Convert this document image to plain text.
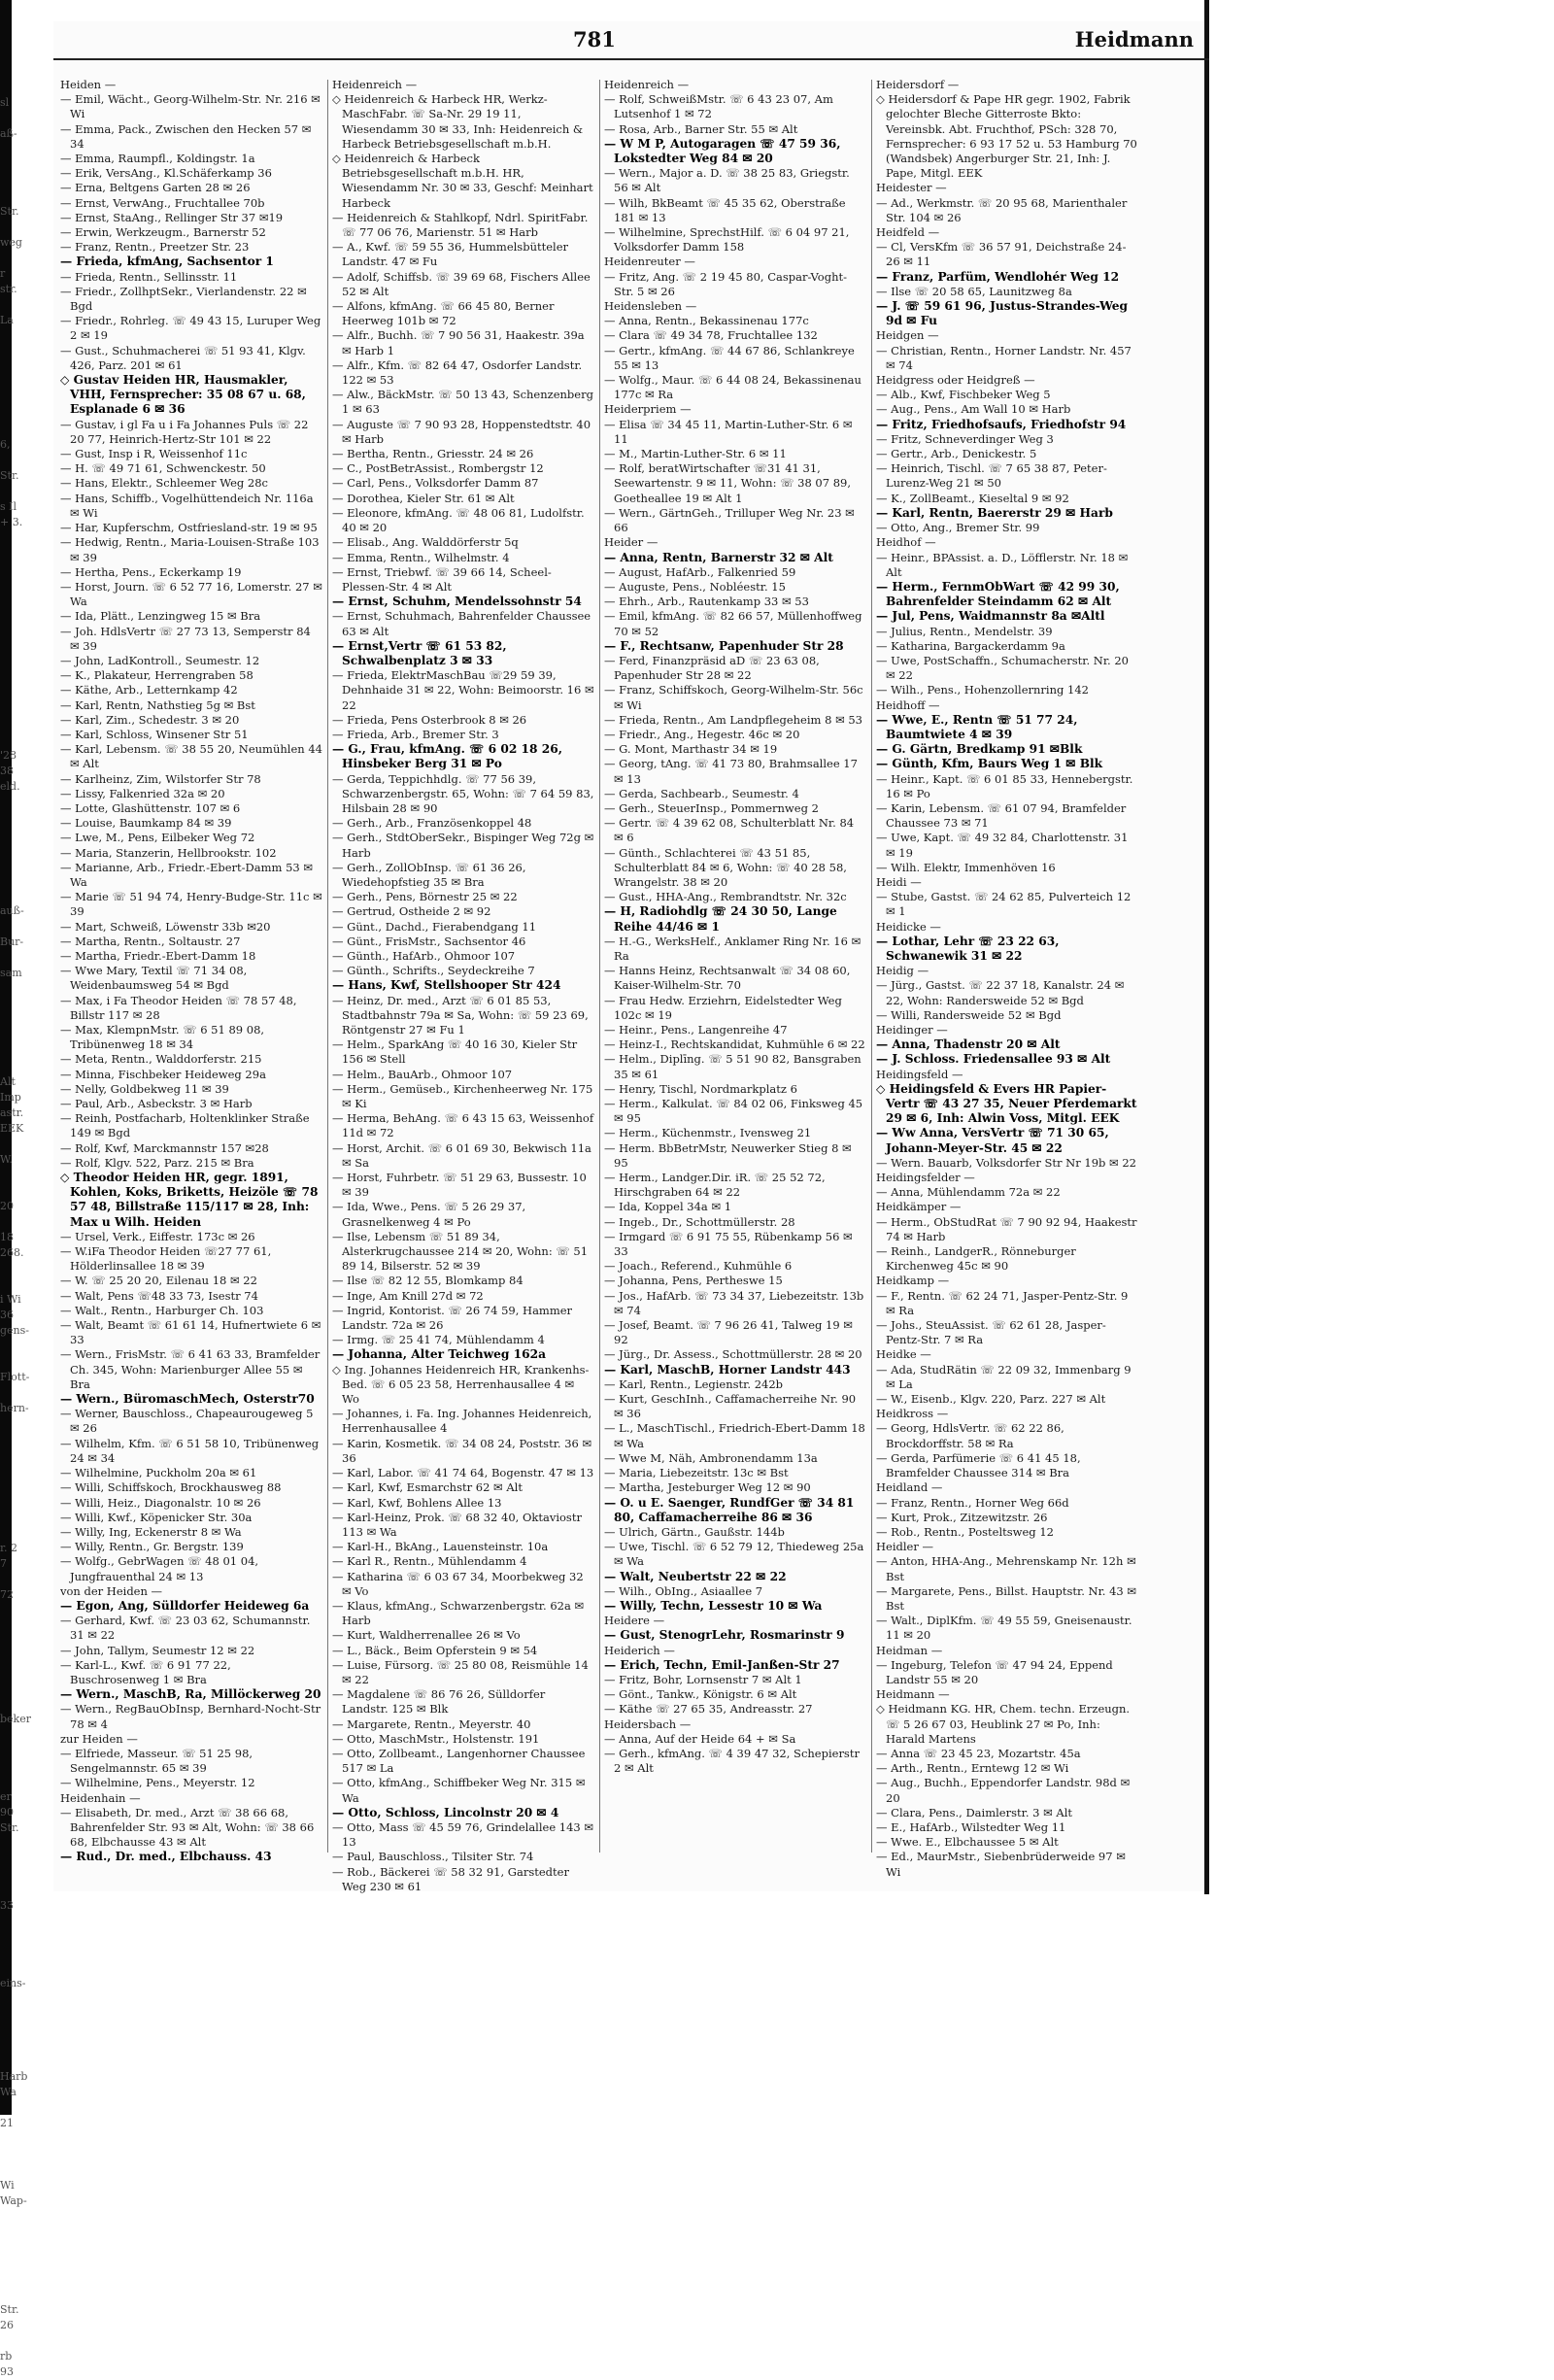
781	Heidmann
sl
aß-
Str.
weg
r
str.
La
6,
Str.
s Il
+ 3.
'28
38
eld.
auß-
Bur-
sam
Alt
Imp
astr.
EEK
W.
20
18
268.
i Wi
36
gens-
Flott-
hern-
r. 2
7
72
beker
er
90
Str.
33
eins-
Harb
Wa
21
Wi
Wap-
Str.
26
rb
93
Heiden —
— Emil, Wächt., Georg-Wilhelm-Str. Nr. 216 ✉ Wi
— Emma, Pack., Zwischen den Hecken 57 ✉ 34
— Emma, Raumpfl., Koldingstr. 1a
— Erik, VersAng., Kl.Schäferkamp 36
— Erna, Beltgens Garten 28 ✉ 26
— Ernst, VerwAng., Fruchtallee 70b
— Ernst, StaAng., Rellinger Str 37 ✉19
— Erwin, Werkzeugm., Barnerstr 52
— Franz, Rentn., Preetzer Str. 23
— Frieda, kfmAng, Sachsentor 1
— Frieda, Rentn., Sellinsstr. 11
— Friedr., ZollhptSekr., Vierlandenstr. 22 ✉ Bgd
— Friedr., Rohrleg. ☏ 49 43 15, Luruper Weg 2 ✉ 19
— Gust., Schuhmacherei ☏ 51 93 41, Klgv. 426, Parz. 201 ✉ 61
◇ Gustav Heiden HR, Hausmakler, VHH, Fernsprecher: 35 08 67 u. 68, Esplanade 6 ✉ 36
— Gustav, i gl Fa u i Fa Johannes Puls ☏ 22 20 77, Heinrich-Hertz-Str 101 ✉ 22
— Gust, Insp i R, Weissenhof 11c
— H. ☏ 49 71 61, Schwenckestr. 50
— Hans, Elektr., Schleemer Weg 28c
— Hans, Schiffb., Vogelhüttendeich Nr. 116a ✉ Wi
— Har, Kupferschm, Ostfriesland-str. 19 ✉ 95
— Hedwig, Rentn., Maria-Louisen-Straße 103 ✉ 39
— Hertha, Pens., Eckerkamp 19
— Horst, Journ. ☏ 6 52 77 16, Lomerstr. 27 ✉ Wa
— Ida, Plätt., Lenzingweg 15 ✉ Bra
— Joh. HdlsVertr ☏ 27 73 13, Semperstr 84 ✉ 39
— John, LadKontroll., Seumestr. 12
— K., Plakateur, Herrengraben 58
— Käthe, Arb., Letternkamp 42
— Karl, Rentn, Nathstieg 5g ✉ Bst
— Karl, Zim., Schedestr. 3 ✉ 20
— Karl, Schloss, Winsener Str 51
— Karl, Lebensm. ☏ 38 55 20, Neumühlen 44 ✉ Alt
— Karlheinz, Zim, Wilstorfer Str 78
— Lissy, Falkenried 32a ✉ 20
— Lotte, Glashüttenstr. 107 ✉ 6
— Louise, Baumkamp 84 ✉ 39
— Lwe, M., Pens, Eilbeker Weg 72
— Maria, Stanzerin, Hellbrookstr. 102
— Marianne, Arb., Friedr.-Ebert-Damm 53 ✉ Wa
— Marie ☏ 51 94 74, Henry-Budge-Str. 11c ✉ 39
— Mart, Schweiß, Löwenstr 33b ✉20
— Martha, Rentn., Soltaustr. 27
— Martha, Friedr.-Ebert-Damm 18
— Wwe Mary, Textil ☏ 71 34 08, Weidenbaumsweg 54 ✉ Bgd
— Max, i Fa Theodor Heiden ☏ 78 57 48, Billstr 117 ✉ 28
— Max, KlempnMstr. ☏ 6 51 89 08, Tribünenweg 18 ✉ 34
— Meta, Rentn., Walddorferstr. 215
— Minna, Fischbeker Heideweg 29a
— Nelly, Goldbekweg 11 ✉ 39
— Paul, Arb., Asbeckstr. 3 ✉ Harb
— Reinh, Postfacharb, Holtenklinker Straße 149 ✉ Bgd
— Rolf, Kwf, Marckmannstr 157 ✉28
— Rolf, Klgv. 522, Parz. 215 ✉ Bra
◇ Theodor Heiden HR, gegr. 1891, Kohlen, Koks, Briketts, Heizöle ☏ 78 57 48, Billstraße 115/117 ✉ 28, Inh: Max u Wilh. Heiden
— Ursel, Verk., Eiffestr. 173c ✉ 26
— W.iFa Theodor Heiden ☏27 77 61, Hölderlinsallee 18 ✉ 39
— W. ☏ 25 20 20, Eilenau 18 ✉ 22
— Walt, Pens ☏48 33 73, Isestr 74
— Walt., Rentn., Harburger Ch. 103
— Walt, Beamt ☏ 61 61 14, Hufnertwiete 6 ✉ 33
— Wern., FrisMstr. ☏ 6 41 63 33, Bramfelder Ch. 345, Wohn: Marienburger Allee 55 ✉ Bra
— Wern., BüromaschMech, Osterstr70
— Werner, Bauschloss., Chapeaurougeweg 5 ✉ 26
— Wilhelm, Kfm. ☏ 6 51 58 10, Tribünenweg 24 ✉ 34
— Wilhelmine, Puckholm 20a ✉ 61
— Willi, Schiffskoch, Brockhausweg 88
— Willi, Heiz., Diagonalstr. 10 ✉ 26
— Willi, Kwf., Köpenicker Str. 30a
— Willy, Ing, Eckenerstr 8 ✉ Wa
— Willy, Rentn., Gr. Bergstr. 139
— Wolfg., GebrWagen ☏ 48 01 04, Jungfrauenthal 24 ✉ 13
von der Heiden —
— Egon, Ang, Sülldorfer Heideweg 6a
— Gerhard, Kwf. ☏ 23 03 62, Schumannstr. 31 ✉ 22
— John, Tallym, Seumestr 12 ✉ 22
— Karl-L., Kwf. ☏ 6 91 77 22, Buschrosenweg 1 ✉ Bra
— Wern., MaschB, Ra, Millöckerweg 20
— Wern., RegBauObInsp, Bernhard-Nocht-Str 78 ✉ 4
zur Heiden —
— Elfriede, Masseur. ☏ 51 25 98, Sengelmannstr. 65 ✉ 39
— Wilhelmine, Pens., Meyerstr. 12
Heidenhain —
— Elisabeth, Dr. med., Arzt ☏ 38 66 68, Bahrenfelder Str. 93 ✉ Alt, Wohn: ☏ 38 66 68, Elbchausse 43 ✉ Alt
— Rud., Dr. med., Elbchauss. 43
Heidenreich —
◇ Heidenreich & Harbeck HR, Werkz-MaschFabr. ☏ Sa-Nr. 29 19 11, Wiesendamm 30 ✉ 33, Inh: Heidenreich & Harbeck Betriebsgesellschaft m.b.H.
◇ Heidenreich & Harbeck Betriebsgesellschaft m.b.H. HR, Wiesendamm Nr. 30 ✉ 33, Geschf: Meinhart Harbeck
— Heidenreich & Stahlkopf, Ndrl. SpiritFabr. ☏ 77 06 76, Marienstr. 51 ✉ Harb
— A., Kwf. ☏ 59 55 36, Hummelsbütteler Landstr. 47 ✉ Fu
— Adolf, Schiffsb. ☏ 39 69 68, Fischers Allee 52 ✉ Alt
— Alfons, kfmAng. ☏ 66 45 80, Berner Heerweg 101b ✉ 72
— Alfr., Buchh. ☏ 7 90 56 31, Haakestr. 39a ✉ Harb 1
— Alfr., Kfm. ☏ 82 64 47, Osdorfer Landstr. 122 ✉ 53
— Alw., BäckMstr. ☏ 50 13 43, Schenzenberg 1 ✉ 63
— Auguste ☏ 7 90 93 28, Hoppenstedtstr. 40 ✉ Harb
— Bertha, Rentn., Griesstr. 24 ✉ 26
— C., PostBetrAssist., Rombergstr 12
— Carl, Pens., Volksdorfer Damm 87
— Dorothea, Kieler Str. 61 ✉ Alt
— Eleonore, kfmAng. ☏ 48 06 81, Ludolfstr. 40 ✉ 20
— Elisab., Ang. Walddörferstr 5q
— Emma, Rentn., Wilhelmstr. 4
— Ernst, Triebwf. ☏ 39 66 14, Scheel-Plessen-Str. 4 ✉ Alt
— Ernst, Schuhm, Mendelssohnstr 54
— Ernst, Schuhmach, Bahrenfelder Chaussee 63 ✉ Alt
— Ernst,Vertr ☏ 61 53 82, Schwalbenplatz 3 ✉ 33
— Frieda, ElektrMaschBau ☏29 59 39, Dehnhaide 31 ✉ 22, Wohn: Beimoorstr. 16 ✉ 22
— Frieda, Pens Osterbrook 8 ✉ 26
— Frieda, Arb., Bremer Str. 3
— G., Frau, kfmAng. ☏ 6 02 18 26, Hinsbeker Berg 31 ✉ Po
— Gerda, Teppichhdlg. ☏ 77 56 39, Schwarzenbergstr. 65, Wohn: ☏ 7 64 59 83, Hilsbain 28 ✉ 90
— Gerh., Arb., Französenkoppel 48
— Gerh., StdtOberSekr., Bispinger Weg 72g ✉ Harb
— Gerh., ZollObInsp. ☏ 61 36 26, Wiedehopfstieg 35 ✉ Bra
— Gerh., Pens, Börnestr 25 ✉ 22
— Gertrud, Ostheide 2 ✉ 92
— Günt., Dachd., Fierabendgang 11
— Günt., FrisMstr., Sachsentor 46
— Günth., HafArb., Ohmoor 107
— Günth., Schrifts., Seydeckreihe 7
— Hans, Kwf, Stellshooper Str 424
— Heinz, Dr. med., Arzt ☏ 6 01 85 53, Stadtbahnstr 79a ✉ Sa, Wohn: ☏ 59 23 69, Röntgenstr 27 ✉ Fu 1
— Helm., SparkAng ☏ 40 16 30, Kieler Str 156 ✉ Stell
— Helm., BauArb., Ohmoor 107
— Herm., Gemüseb., Kirchenheerweg Nr. 175 ✉ Ki
— Herma, BehAng. ☏ 6 43 15 63, Weissenhof 11d ✉ 72
— Horst, Archit. ☏ 6 01 69 30, Bekwisch 11a ✉ Sa
— Horst, Fuhrbetr. ☏ 51 29 63, Bussestr. 10 ✉ 39
— Ida, Wwe., Pens. ☏ 5 26 29 37, Grasnelkenweg 4 ✉ Po
— Ilse, Lebensm ☏ 51 89 34, Alsterkrugchaussee 214 ✉ 20, Wohn: ☏ 51 89 14, Bilserstr. 52 ✉ 39
— Ilse ☏ 82 12 55, Blomkamp 84
— Inge, Am Knill 27d ✉ 72
— Ingrid, Kontorist. ☏ 26 74 59, Hammer Landstr. 72a ✉ 26
— Irmg. ☏ 25 41 74, Mühlendamm 4
— Johanna, Alter Teichweg 162a
◇ Ing. Johannes Heidenreich HR, Krankenhs-Bed. ☏ 6 05 23 58, Herrenhausallee 4 ✉ Wo
— Johannes, i. Fa. Ing. Johannes Heidenreich, Herrenhausallee 4
— Karin, Kosmetik. ☏ 34 08 24, Poststr. 36 ✉ 36
— Karl, Labor. ☏ 41 74 64, Bogenstr. 47 ✉ 13
— Karl, Kwf, Esmarchstr 62 ✉ Alt
— Karl, Kwf, Bohlens Allee 13
— Karl-Heinz, Prok. ☏ 68 32 40, Oktaviostr 113 ✉ Wa
— Karl-H., BkAng., Lauensteinstr. 10a
— Karl R., Rentn., Mühlendamm 4
— Katharina ☏ 6 03 67 34, Moorbekweg 32 ✉ Vo
— Klaus, kfmAng., Schwarzenbergstr. 62a ✉ Harb
— Kurt, Waldherrenallee 26 ✉ Vo
— L., Bäck., Beim Opferstein 9 ✉ 54
— Luise, Fürsorg. ☏ 25 80 08, Reismühle 14 ✉ 22
— Magdalene ☏ 86 76 26, Sülldorfer Landstr. 125 ✉ Blk
— Margarete, Rentn., Meyerstr. 40
— Otto, MaschMstr., Holstenstr. 191
— Otto, Zollbeamt., Langenhorner Chaussee 517 ✉ La
— Otto, kfmAng., Schiffbeker Weg Nr. 315 ✉ Wa
— Otto, Schloss, Lincolnstr 20 ✉ 4
— Otto, Mass ☏ 45 59 76, Grindelallee 143 ✉ 13
— Paul, Bauschloss., Tilsiter Str. 74
— Rob., Bäckerei ☏ 58 32 91, Garstedter Weg 230 ✉ 61
Heidenreich —
— Rolf, SchweißMstr. ☏ 6 43 23 07, Am Lutsenhof 1 ✉ 72
— Rosa, Arb., Barner Str. 55 ✉ Alt
— W M P, Autogaragen ☏ 47 59 36, Lokstedter Weg 84 ✉ 20
— Wern., Major a. D. ☏ 38 25 83, Griegstr. 56 ✉ Alt
— Wilh, BkBeamt ☏ 45 35 62, Oberstraße 181 ✉ 13
— Wilhelmine, SprechstHilf. ☏ 6 04 97 21, Volksdorfer Damm 158
Heidenreuter —
— Fritz, Ang. ☏ 2 19 45 80, Caspar-Voght-Str. 5 ✉ 26
Heidensleben —
— Anna, Rentn., Bekassinenau 177c
— Clara ☏ 49 34 78, Fruchtallee 132
— Gertr., kfmAng. ☏ 44 67 86, Schlankreye 55 ✉ 13
— Wolfg., Maur. ☏ 6 44 08 24, Bekassinenau 177c ✉ Ra
Heiderpriem —
— Elisa ☏ 34 45 11, Martin-Luther-Str. 6 ✉ 11
— M., Martin-Luther-Str. 6 ✉ 11
— Rolf, beratWirtschafter ☏31 41 31, Seewartenstr. 9 ✉ 11, Wohn: ☏ 38 07 89, Goetheallee 19 ✉ Alt 1
— Wern., GärtnGeh., Trilluper Weg Nr. 23 ✉ 66
Heider —
— Anna, Rentn, Barnerstr 32 ✉ Alt
— August, HafArb., Falkenried 59
— Auguste, Pens., Nobléestr. 15
— Ehrh., Arb., Rautenkamp 33 ✉ 53
— Emil, kfmAng. ☏ 82 66 57, Müllenhoffweg 70 ✉ 52
— F., Rechtsanw, Papenhuder Str 28
— Ferd, Finanzpräsid aD ☏ 23 63 08, Papenhuder Str 28 ✉ 22
— Franz, Schiffskoch, Georg-Wilhelm-Str. 56c ✉ Wi
— Frieda, Rentn., Am Landpflegeheim 8 ✉ 53
— Friedr., Ang., Hegestr. 46c ✉ 20
— G. Mont, Marthastr 34 ✉ 19
— Georg, tAng. ☏ 41 73 80, Brahmsallee 17 ✉ 13
— Gerda, Sachbearb., Seumestr. 4
— Gerh., SteuerInsp., Pommernweg 2
— Gertr. ☏ 4 39 62 08, Schulterblatt Nr. 84 ✉ 6
— Günth., Schlachterei ☏ 43 51 85, Schulterblatt 84 ✉ 6, Wohn: ☏ 40 28 58, Wrangelstr. 38 ✉ 20
— Gust., HHA-Ang., Rembrandtstr. Nr. 32c
— H, Radiohdlg ☏ 24 30 50, Lange Reihe 44/46 ✉ 1
— H.-G., WerksHelf., Anklamer Ring Nr. 16 ✉ Ra
— Hanns Heinz, Rechtsanwalt ☏ 34 08 60, Kaiser-Wilhelm-Str. 70
— Frau Hedw. Erziehrn, Eidelstedter Weg 102c ✉ 19
— Heinr., Pens., Langenreihe 47
— Heinz-I., Rechtskandidat, Kuhmühle 6 ✉ 22
— Helm., Diplīng. ☏ 5 51 90 82, Bansgraben 35 ✉ 61
— Henry, Tischl, Nordmarkplatz 6
— Herm., Kalkulat. ☏ 84 02 06, Finksweg 45 ✉ 95
— Herm., Küchenmstr., Ivensweg 21
— Herm. BbBetrMstr, Neuwerker Stieg 8 ✉ 95
— Herm., Landger.Dir. iR. ☏ 25 52 72, Hirschgraben 64 ✉ 22
— Ida, Koppel 34a ✉ 1
— Ingeb., Dr., Schottmüllerstr. 28
— Irmgard ☏ 6 91 75 55, Rübenkamp 56 ✉ 33
— Joach., Referend., Kuhmühle 6
— Johanna, Pens, Pertheswe 15
— Jos., HafArb. ☏ 73 34 37, Liebezeitstr. 13b ✉ 74
— Josef, Beamt. ☏ 7 96 26 41, Talweg 19 ✉ 92
— Jürg., Dr. Assess., Schottmüllerstr. 28 ✉ 20
— Karl, MaschB, Horner Landstr 443
— Karl, Rentn., Legienstr. 242b
— Kurt, GeschInh., Caffamacherreihe Nr. 90 ✉ 36
— L., MaschTischl., Friedrich-Ebert-Damm 18 ✉ Wa
— Wwe M, Näh, Ambronendamm 13a
— Maria, Liebezeitstr. 13c ✉ Bst
— Martha, Jesteburger Weg 12 ✉ 90
— O. u E. Saenger, RundfGer ☏ 34 81 80, Caffamacherreihe 86 ✉ 36
— Ulrich, Gärtn., Gaußstr. 144b
— Uwe, Tischl. ☏ 6 52 79 12, Thiedeweg 25a ✉ Wa
— Walt, Neubertstr 22 ✉ 22
— Wilh., ObIng., Asiaallee 7
— Willy, Techn, Lessestr 10 ✉ Wa
Heidere —
— Gust, StenogrLehr, Rosmarinstr 9
Heiderich —
— Erich, Techn, Emil-Janßen-Str 27
— Fritz, Bohr, Lornsenstr 7 ✉ Alt 1
— Gönt., Tankw., Königstr. 6 ✉ Alt
— Käthe ☏ 27 65 35, Andreasstr. 27
Heidersbach —
— Anna, Auf der Heide 64 + ✉ Sa
— Gerh., kfmAng. ☏ 4 39 47 32, Schepierstr 2 ✉ Alt
Heidersdorf —
◇ Heidersdorf & Pape HR gegr. 1902, Fabrik gelochter Bleche Gitterroste Bkto: Vereinsbk. Abt. Fruchthof, PSch: 328 70, Fernsprecher: 6 93 17 52 u. 53 Hamburg 70 (Wandsbek) Angerburger Str. 21, Inh: J. Pape, Mitgl. EEK
Heidester —
— Ad., Werkmstr. ☏ 20 95 68, Marienthaler Str. 104 ✉ 26
Heidfeld —
— Cl, VersKfm ☏ 36 57 91, Deichstraße 24-26 ✉ 11
— Franz, Parfüm, Wendlohér Weg 12
— Ilse ☏ 20 58 65, Launitzweg 8a
— J. ☏ 59 61 96, Justus-Strandes-Weg 9d ✉ Fu
Heidgen —
— Christian, Rentn., Horner Landstr. Nr. 457 ✉ 74
Heidgress oder Heidgreß —
— Alb., Kwf, Fischbeker Weg 5
— Aug., Pens., Am Wall 10 ✉ Harb
— Fritz, Friedhofsaufs, Friedhofstr 94
— Fritz, Schneverdinger Weg 3
— Gertr., Arb., Denickestr. 5
— Heinrich, Tischl. ☏ 7 65 38 87, Peter-Lurenz-Weg 21 ✉ 50
— K., ZollBeamt., Kieseltal 9 ✉ 92
— Karl, Rentn, Baererstr 29 ✉ Harb
— Otto, Ang., Bremer Str. 99
Heidhof —
— Heinr., BPAssist. a. D., Löfflerstr. Nr. 18 ✉ Alt
— Herm., FernmObWart ☏ 42 99 30, Bahrenfelder Steindamm 62 ✉ Alt
— Jul, Pens, Waidmannstr 8a ✉Altl
— Julius, Rentn., Mendelstr. 39
— Katharina, Bargackerdamm 9a
— Uwe, PostSchaffn., Schumacherstr. Nr. 20 ✉ 22
— Wilh., Pens., Hohenzollernring 142
Heidhoff —
— Wwe, E., Rentn ☏ 51 77 24, Baumtwiete 4 ✉ 39
— G. Gärtn, Bredkamp 91 ✉Blk
— Günth, Kfm, Baurs Weg 1 ✉ Blk
— Heinr., Kapt. ☏ 6 01 85 33, Hennebergstr. 16 ✉ Po
— Karin, Lebensm. ☏ 61 07 94, Bramfelder Chaussee 73 ✉ 71
— Uwe, Kapt. ☏ 49 32 84, Charlottenstr. 31 ✉ 19
— Wilh. Elektr, Immenhöven 16
Heidi —
— Stube, Gastst. ☏ 24 62 85, Pulverteich 12 ✉ 1
Heidicke —
— Lothar, Lehr ☏ 23 22 63, Schwanewik 31 ✉ 22
Heidig —
— Jürg., Gastst. ☏ 22 37 18, Kanalstr. 24 ✉ 22, Wohn: Randersweide 52 ✉ Bgd
— Willi, Randersweide 52 ✉ Bgd
Heidinger —
— Anna, Thadenstr 20 ✉ Alt
— J. Schloss. Friedensallee 93 ✉ Alt
Heidingsfeld —
◇ Heidingsfeld & Evers HR Papier-Vertr ☏ 43 27 35, Neuer Pferdemarkt 29 ✉ 6, Inh: Alwin Voss, Mitgl. EEK
— Ww Anna, VersVertr ☏ 71 30 65, Johann-Meyer-Str. 45 ✉ 22
— Wern. Bauarb, Volksdorfer Str Nr 19b ✉ 22
Heidingsfelder —
— Anna, Mühlendamm 72a ✉ 22
Heidkämper —
— Herm., ObStudRat ☏ 7 90 92 94, Haakestr 74 ✉ Harb
— Reinh., LandgerR., Rönneburger Kirchenweg 45c ✉ 90
Heidkamp —
— F., Rentn. ☏ 62 24 71, Jasper-Pentz-Str. 9 ✉ Ra
— Johs., SteuAssist. ☏ 62 61 28, Jasper-Pentz-Str. 7 ✉ Ra
Heidke —
— Ada, StudRätin ☏ 22 09 32, Immenbarg 9 ✉ La
— W., Eisenb., Klgv. 220, Parz. 227 ✉ Alt
Heidkross —
— Georg, HdlsVertr. ☏ 62 22 86, Brockdorffstr. 58 ✉ Ra
— Gerda, Parfümerie ☏ 6 41 45 18, Bramfelder Chaussee 314 ✉ Bra
Heidland —
— Franz, Rentn., Horner Weg 66d
— Kurt, Prok., Zitzewitzstr. 26
— Rob., Rentn., Posteltsweg 12
Heidler —
— Anton, HHA-Ang., Mehrenskamp Nr. 12h ✉ Bst
— Margarete, Pens., Billst. Hauptstr. Nr. 43 ✉ Bst
— Walt., DiplKfm. ☏ 49 55 59, Gneisenaustr. 11 ✉ 20
Heidman —
— Ingeburg, Telefon ☏ 47 94 24, Eppend Landstr 55 ✉ 20
Heidmann —
◇ Heidmann KG. HR, Chem. techn. Erzeugn. ☏ 5 26 67 03, Heublink 27 ✉ Po, Inh: Harald Martens
— Anna ☏ 23 45 23, Mozartstr. 45a
— Arth., Rentn., Erntewg 12 ✉ Wi
— Aug., Buchh., Eppendorfer Landstr. 98d ✉ 20
— Clara, Pens., Daimlerstr. 3 ✉ Alt
— E., HafArb., Wilstedter Weg 11
— Wwe. E., Elbchaussee 5 ✉ Alt
— Ed., MaurMstr., Siebenbrüderweide 97 ✉ Wi
